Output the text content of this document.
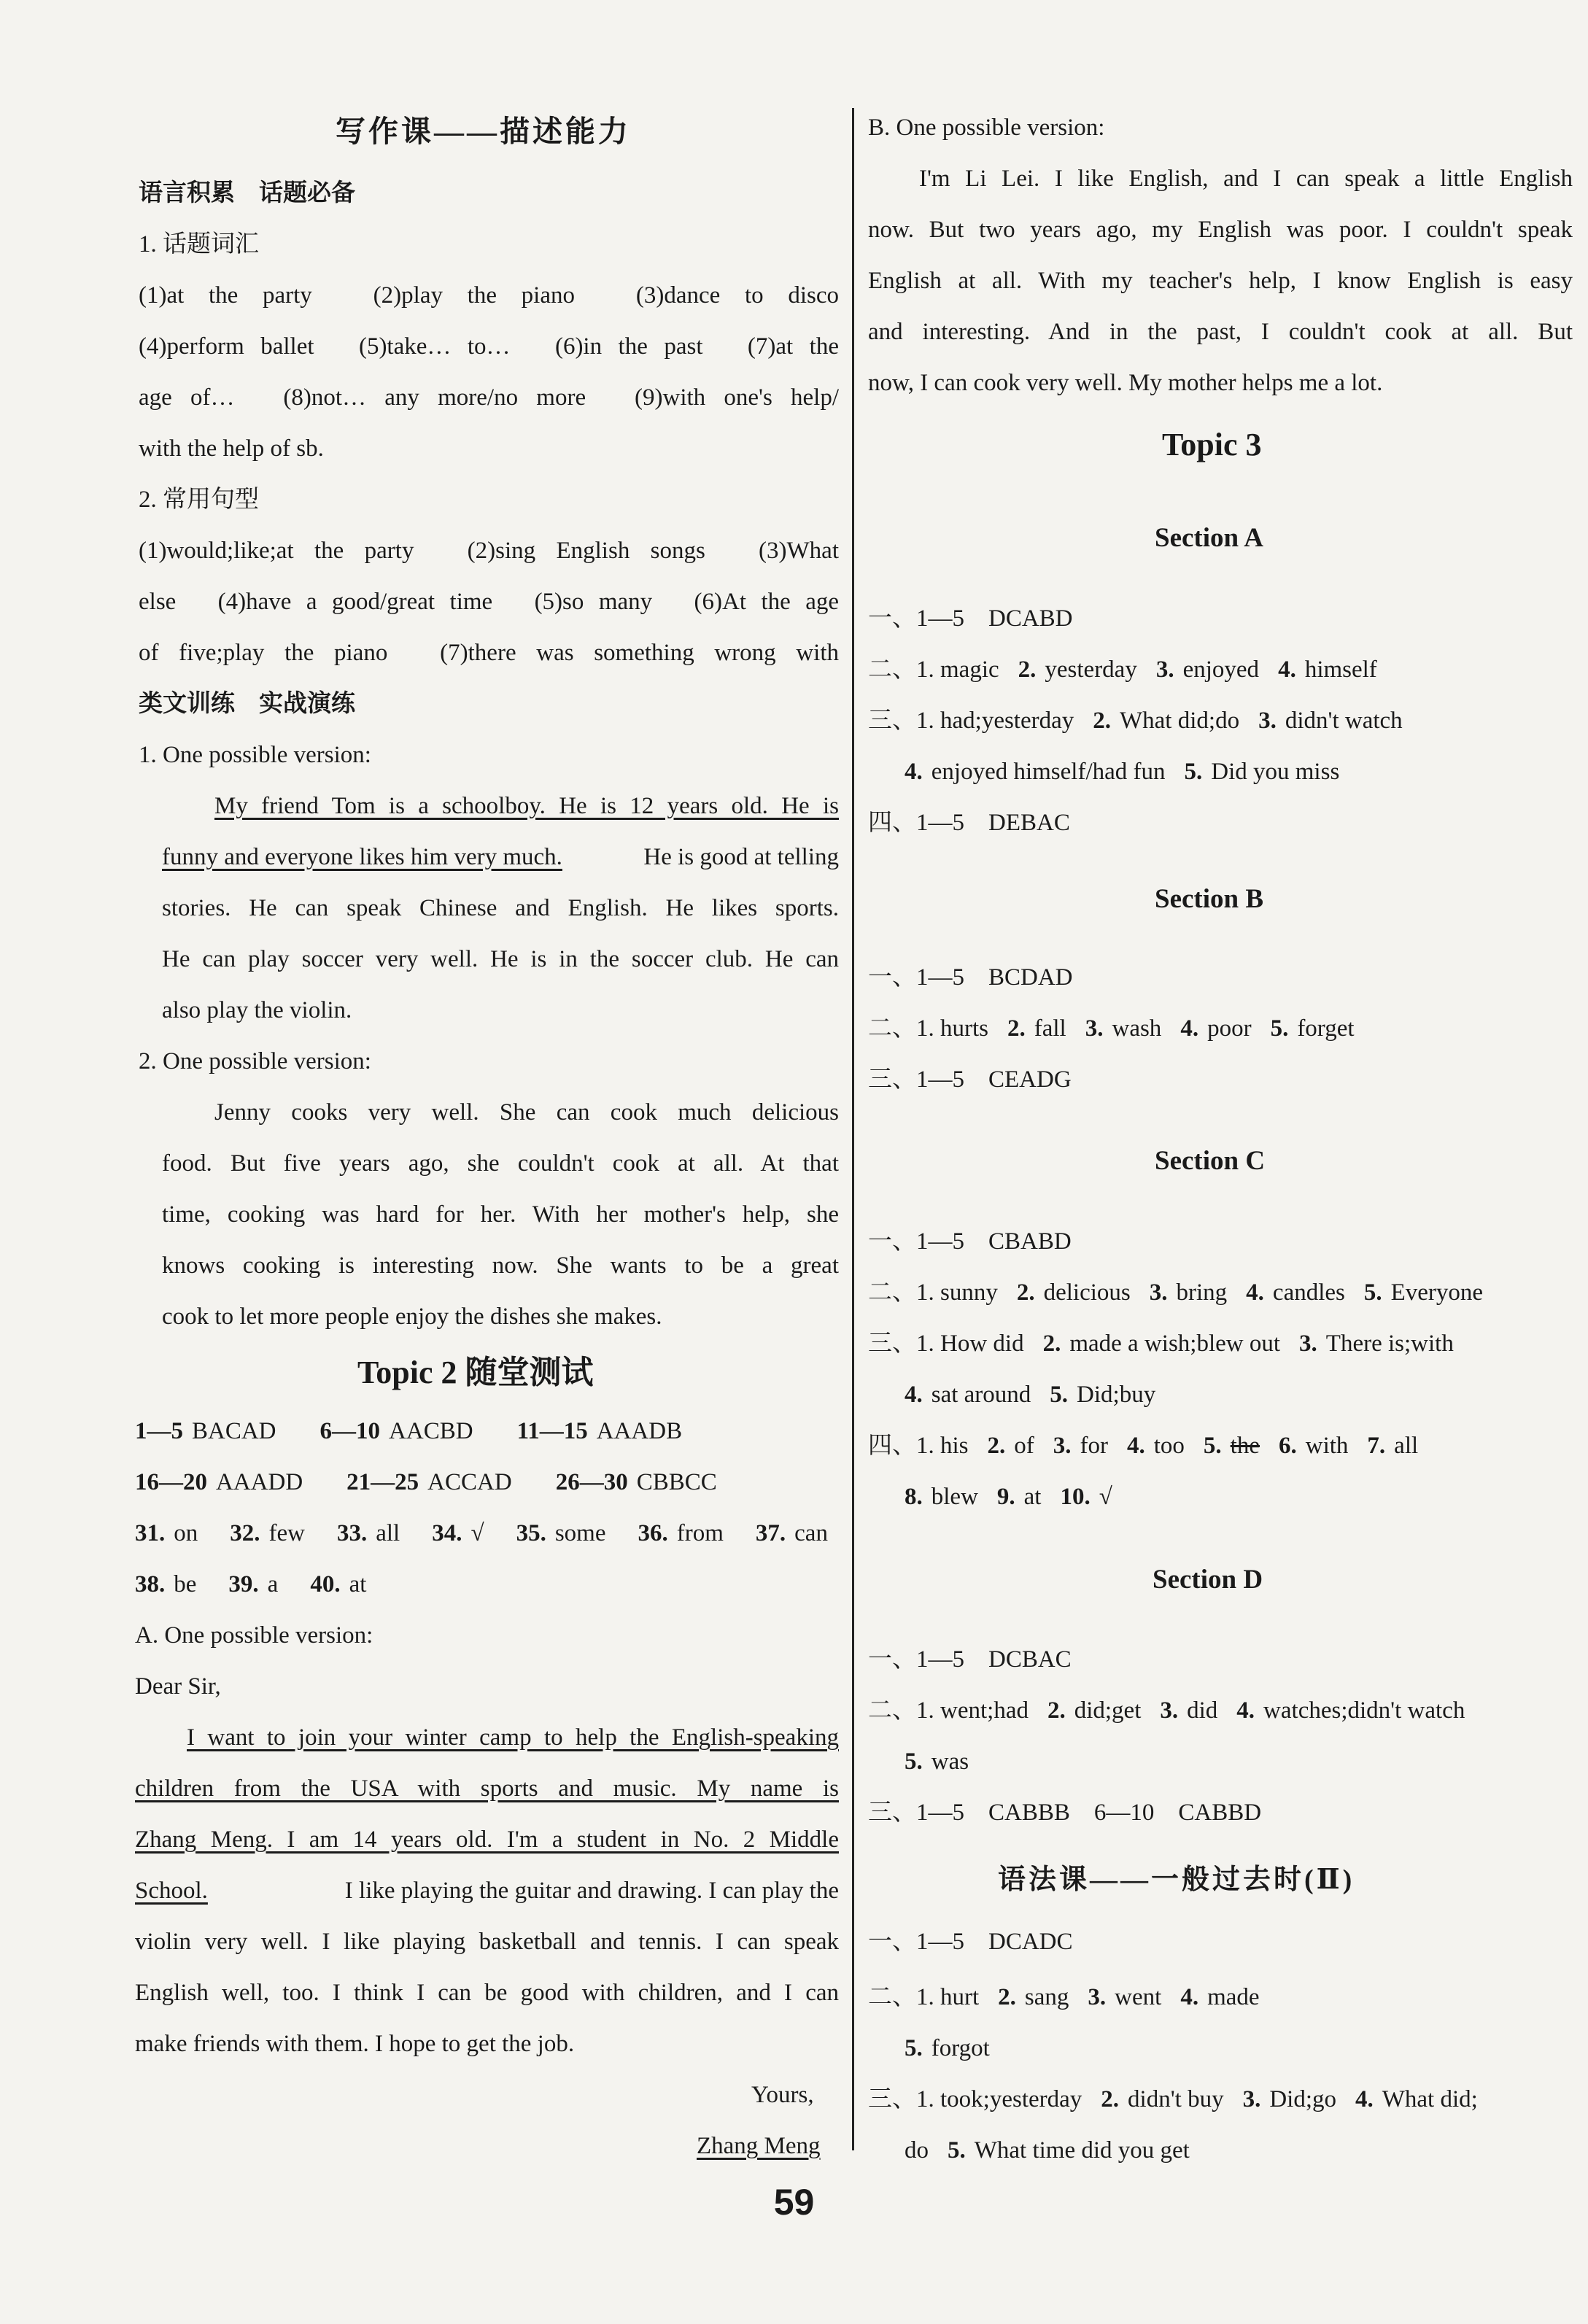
写作课——描述能力
语言积累　话题必备
1. 话题词汇
(1)at the party　(2)play the piano　(3)dance to disco
(4)perform ballet　(5)take… to…　(6)in the past　(7)at the
age of…　(8)not… any more/no more　(9)with one's help/
with the help of sb.
2. 常用句型
(1)would;like;at the party　(2)sing English songs　(3)What
else　(4)have a good/great time　(5)so many　(6)At the age
of five;play the piano　(7)there was something wrong with
类文训练　实战演练
1. One possible version:
My friend Tom is a schoolboy. He is 12 years old. He is
funny and everyone likes him very much.	He is good at telling
stories. He can speak Chinese and English. He likes sports.
He can play soccer very well. He is in the soccer club. He can
also play the violin.
2. One possible version:
Jenny cooks very well. She can cook much delicious
food. But five years ago, she couldn't cook at all. At that
time, cooking was hard for her. With her mother's help, she
knows cooking is interesting now. She wants to be a great
cook to let more people enjoy the dishes she makes.
Topic 2 随堂测试
1—5 BACAD 6—10 AACBD 11—15 AAADB
16—20 AAADD 21—25 ACCAD 26—30 CBBCC
31. on 32. few 33. all 34. √ 35. some 36. from 37. can
38. be 39. a 40. at
A. One possible version:
Dear Sir,
I want to join your winter camp to help the English-speaking
children from the USA with sports and music. My name is
Zhang Meng. I am 14 years old. I'm a student in No. 2 Middle
School.	I like playing the guitar and drawing. I can play the
violin very well. I like playing basketball and tennis. I can speak
English well, too. I think I can be good with children, and I can
make friends with them. I hope to get the job.
Yours,
Zhang Meng
B. One possible version:
I'm Li Lei. I like English, and I can speak a little English
now. But two years ago, my English was poor. I couldn't speak
English at all. With my teacher's help, I know English is easy
and interesting. And in the past, I couldn't cook at all. But
now, I can cook very well. My mother helps me a lot.
Topic 3
Section A
一、1—5　DCABD
二、1. magic 2. yesterday 3. enjoyed 4. himself
三、1. had;yesterday 2. What did;do 3. didn't watch
4. enjoyed himself/had fun 5. Did you miss
四、1—5　DEBAC
Section B
一、1—5　BCDAD
二、1. hurts 2. fall 3. wash 4. poor 5. forget
三、1—5　CEADG
Section C
一、1—5　CBABD
二、1. sunny 2. delicious 3. bring 4. candles 5. Everyone
三、1. How did 2. made a wish;blew out 3. There is;with
4. sat around 5. Did;buy
四、1. his 2. of 3. for 4. too 5. the 6. with 7. all
8. blew 9. at 10. √
Section D
一、1—5　DCBAC
二、1. went;had 2. did;get 3. did 4. watches;didn't watch
5. was
三、1—5　CABBB　6—10　CABBD
语法课——一般过去时(Ⅱ)
一、1—5　DCADC
二、1. hurt 2. sang 3. went 4. made
5. forgot
三、1. took;yesterday 2. didn't buy 3. Did;go 4. What did;
do 5. What time did you get
59
